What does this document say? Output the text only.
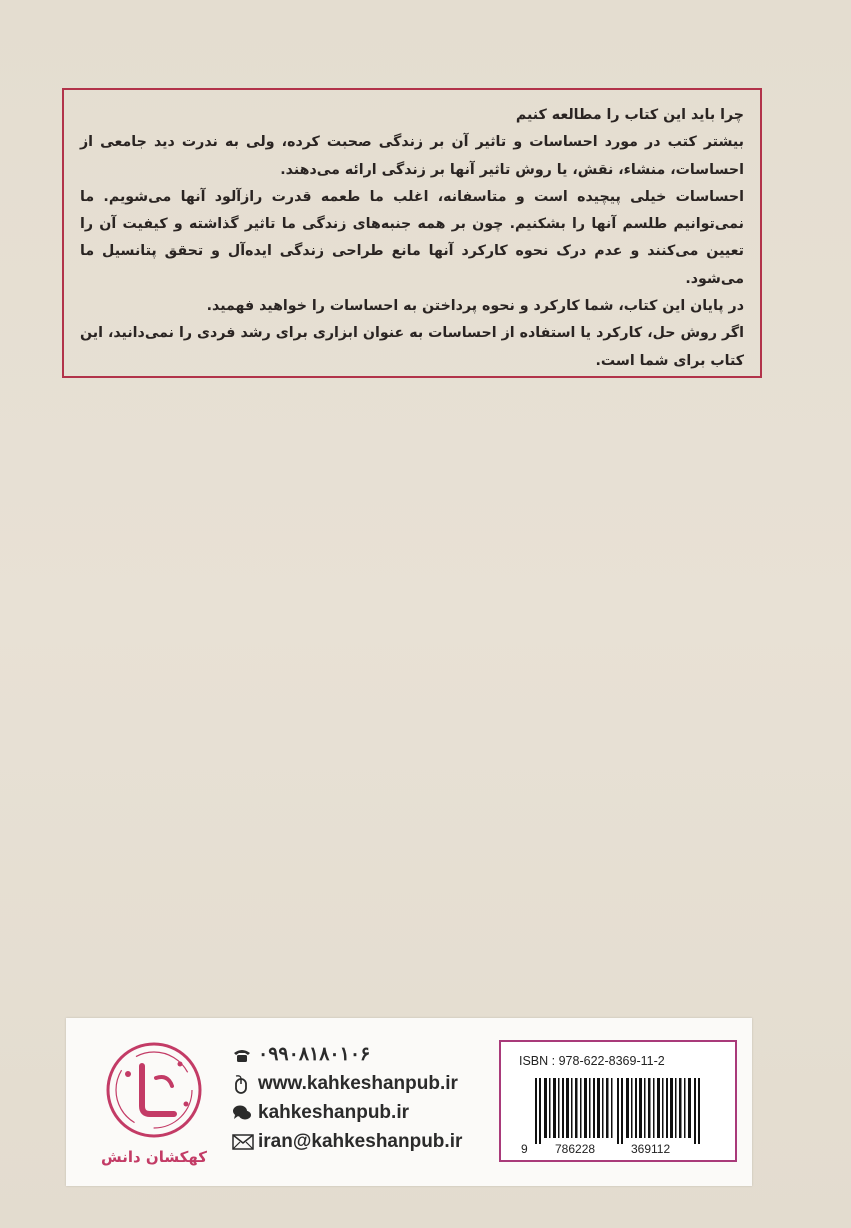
چرا باید این کتاب را مطالعه کنیم

بیشتر کتب در مورد احساسات و تاثیر آن بر زندگی صحبت کرده، ولی به ندرت دید جامعی از احساسات، منشاء، نقش، یا روش تاثیر آنها بر زندگی ارائه می‌دهند.

احساسات خیلی پیچیده است و متاسفانه، اغلب ما طعمه قدرت رازآلود آنها می‌شویم. ما نمی‌توانیم طلسم آنها را بشکنیم. چون بر همه جنبه‌های زندگی ما تاثیر گذاشته و کیفیت آن را تعیین می‌کنند و عدم درک نحوه کارکرد آنها مانع طراحی زندگی ایده‌آل و تحقق پتانسیل ما می‌شود.

در پایان این کتاب، شما کارکرد و نحوه پرداختن به احساسات را خواهید فهمید.

اگر روش حل، کارکرد یا استفاده از احساسات به عنوان ابزاری برای رشد فردی را نمی‌دانید، این کتاب برای شما است.

کهکشان دانش
۰۹۹۰۸۱۸۰۱۰۶
www.kahkeshanpub.ir
kahkeshanpub.ir
iran@kahkeshanpub.ir
ISBN : 978-622-8369-11-2
9 786228	369112
